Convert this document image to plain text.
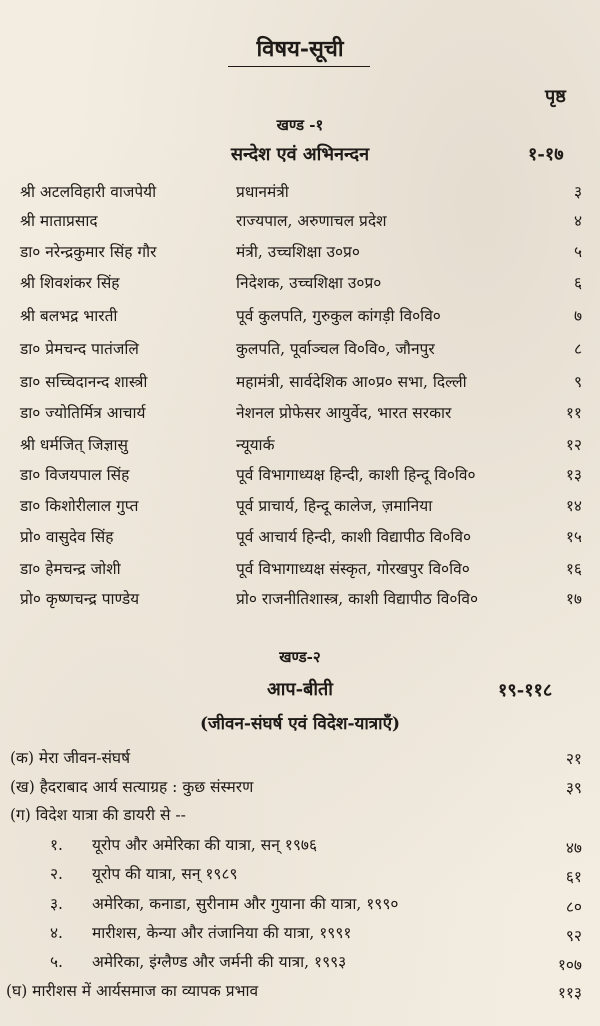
विषय-सूची
पृष्ठ
खण्ड -१
सन्देश एवं अभिनन्दन	१-१७
श्री अटलविहारी वाजपेयी	प्रधानमंत्री	३
श्री माताप्रसाद	राज्यपाल, अरुणाचल प्रदेश	४
डा० नरेन्द्रकुमार सिंह गौर	मंत्री, उच्चशिक्षा उ०प्र०	५
श्री शिवशंकर सिंह	निदेशक, उच्चशिक्षा उ०प्र०	६
श्री बलभद्र भारती	पूर्व कुलपति, गुरुकुल कांगड़ी वि०वि०	७
डा० प्रेमचन्द पातंजलि	कुलपति, पूर्वाञ्चल वि०वि०, जौनपुर	८
डा० सच्चिदानन्द शास्त्री	महामंत्री, सार्वदेशिक आ०प्र० सभा, दिल्ली	९
डा० ज्योतिर्मित्र आचार्य	नेशनल प्रोफेसर आयुर्वेद, भारत सरकार	११
श्री धर्मजित् जिज्ञासु	न्यूयार्क	१२
डा० विजयपाल सिंह	पूर्व विभागाध्यक्ष हिन्दी, काशी हिन्दू वि०वि०	१३
डा० किशोरीलाल गुप्त	पूर्व प्राचार्य, हिन्दू कालेज, ज़मानिया	१४
प्रो० वासुदेव सिंह	पूर्व आचार्य हिन्दी, काशी विद्यापीठ वि०वि०	१५
डा० हेमचन्द्र जोशी	पूर्व विभागाध्यक्ष संस्कृत, गोरखपुर वि०वि०	१६
प्रो० कृष्णचन्द्र पाण्डेय	प्रो० राजनीतिशास्त्र, काशी विद्यापीठ वि०वि०	१७
खण्ड-२
आप-बीती	१९-११८
(जीवन-संघर्ष एवं विदेश-यात्राएँ)
(क) मेरा जीवन-संघर्ष	२१
(ख) हैदराबाद आर्य सत्याग्रह : कुछ संस्मरण	३९
(ग) विदेश यात्रा की डायरी से --
१. यूरोप और अमेरिका की यात्रा, सन् १९७६	४७
२. यूरोप की यात्रा, सन् १९८९	६१
३. अमेरिका, कनाडा, सुरीनाम और गुयाना की यात्रा, १९९०	८०
४. मारीशस, केन्या और तंजानिया की यात्रा, १९९१	९२
५. अमेरिका, इंग्लैण्ड और जर्मनी की यात्रा, १९९३	१०७
(घ) मारीशस में आर्यसमाज का व्यापक प्रभाव	११३
